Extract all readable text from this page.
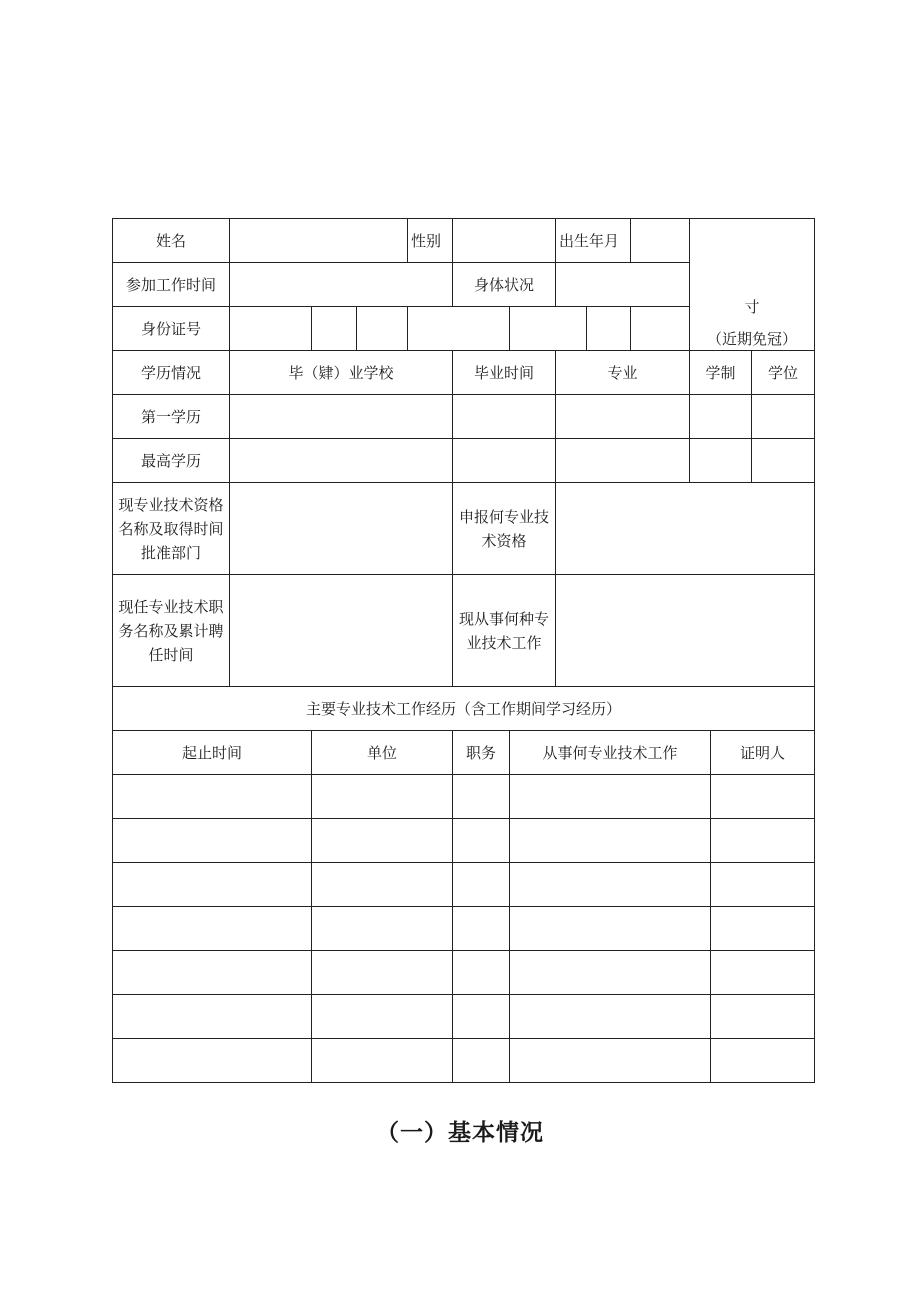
姓名				性别			出生年月			寸
（近期免冠）		

参加工作时间					身体状况							
身份证号												
学历情况	毕（肄）业学校				毕业时间		专业			学制		学位
第一学历												
最高学历												
现专业技术资格名称及取得时间批准部门					申报何专业技术资格							
现任专业技术职务名称及累计聘任时间					现从事何种专业技术工作							
主要专业技术工作经历（含工作期间学习经历）												
起止时间		单位			职务	从事何专业技术工作					证明人	

（一）基本情况
